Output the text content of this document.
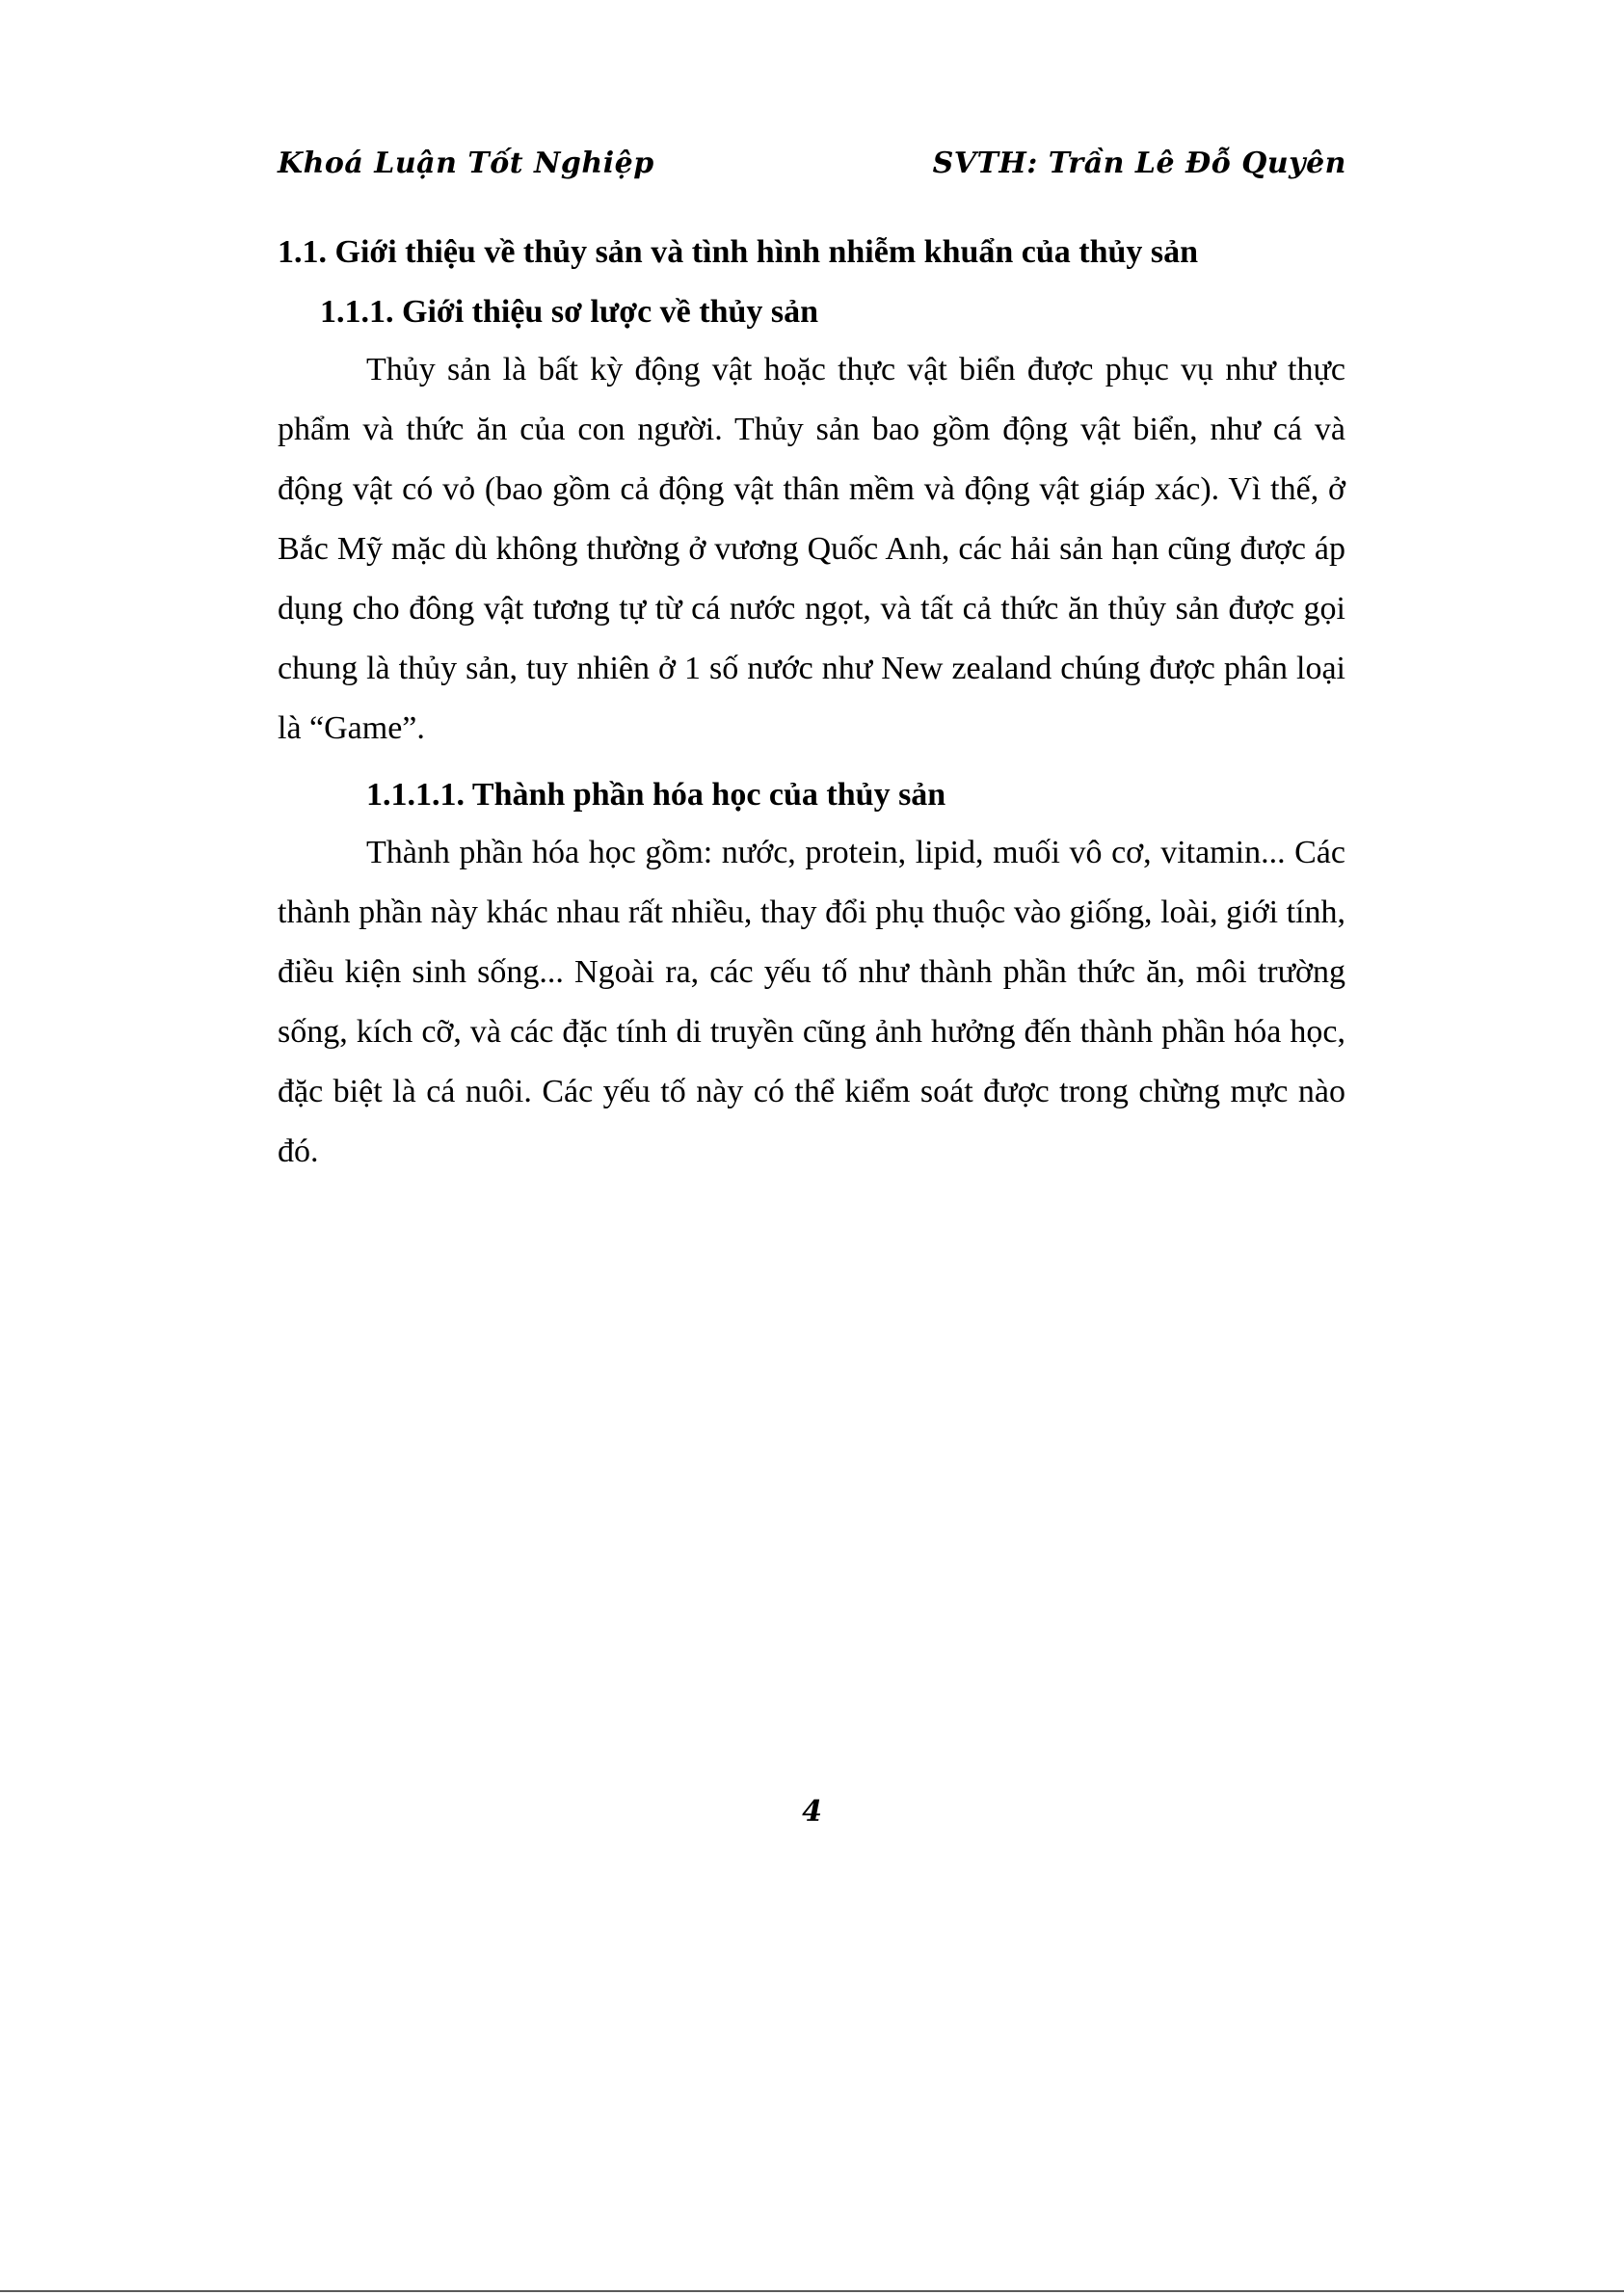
Khoá Luận Tốt Nghiệp	SVTH: Trần Lê Đỗ Quyên

1.1. Giới thiệu về thủy sản và tình hình nhiễm khuẩn của thủy sản

1.1.1. Giới thiệu sơ lược về thủy sản

Thủy sản là bất kỳ động vật hoặc thực vật biển được phục vụ như thực phẩm và thức ăn của con người. Thủy sản bao gồm động vật biển, như cá và động vật có vỏ (bao gồm cả động vật thân mềm và động vật giáp xác). Vì thế, ở Bắc Mỹ mặc dù không thường ở vương Quốc Anh, các hải sản hạn cũng được áp dụng cho đông vật tương tự từ cá nước ngọt, và tất cả thức ăn thủy sản được gọi chung là thủy sản, tuy nhiên ở 1 số nước như New zealand chúng được phân loại là “Game”.

1.1.1.1. Thành phần hóa học của thủy sản

Thành phần hóa học gồm: nước, protein, lipid, muối vô cơ, vitamin... Các thành phần này khác nhau rất nhiều, thay đổi phụ thuộc vào giống, loài, giới tính, điều kiện sinh sống... Ngoài ra, các yếu tố như thành phần thức ăn, môi trường sống, kích cỡ, và các đặc tính di truyền cũng ảnh hưởng đến thành phần hóa học, đặc biệt là cá nuôi. Các yếu tố này có thể kiểm soát được trong chừng mực nào đó.

4
